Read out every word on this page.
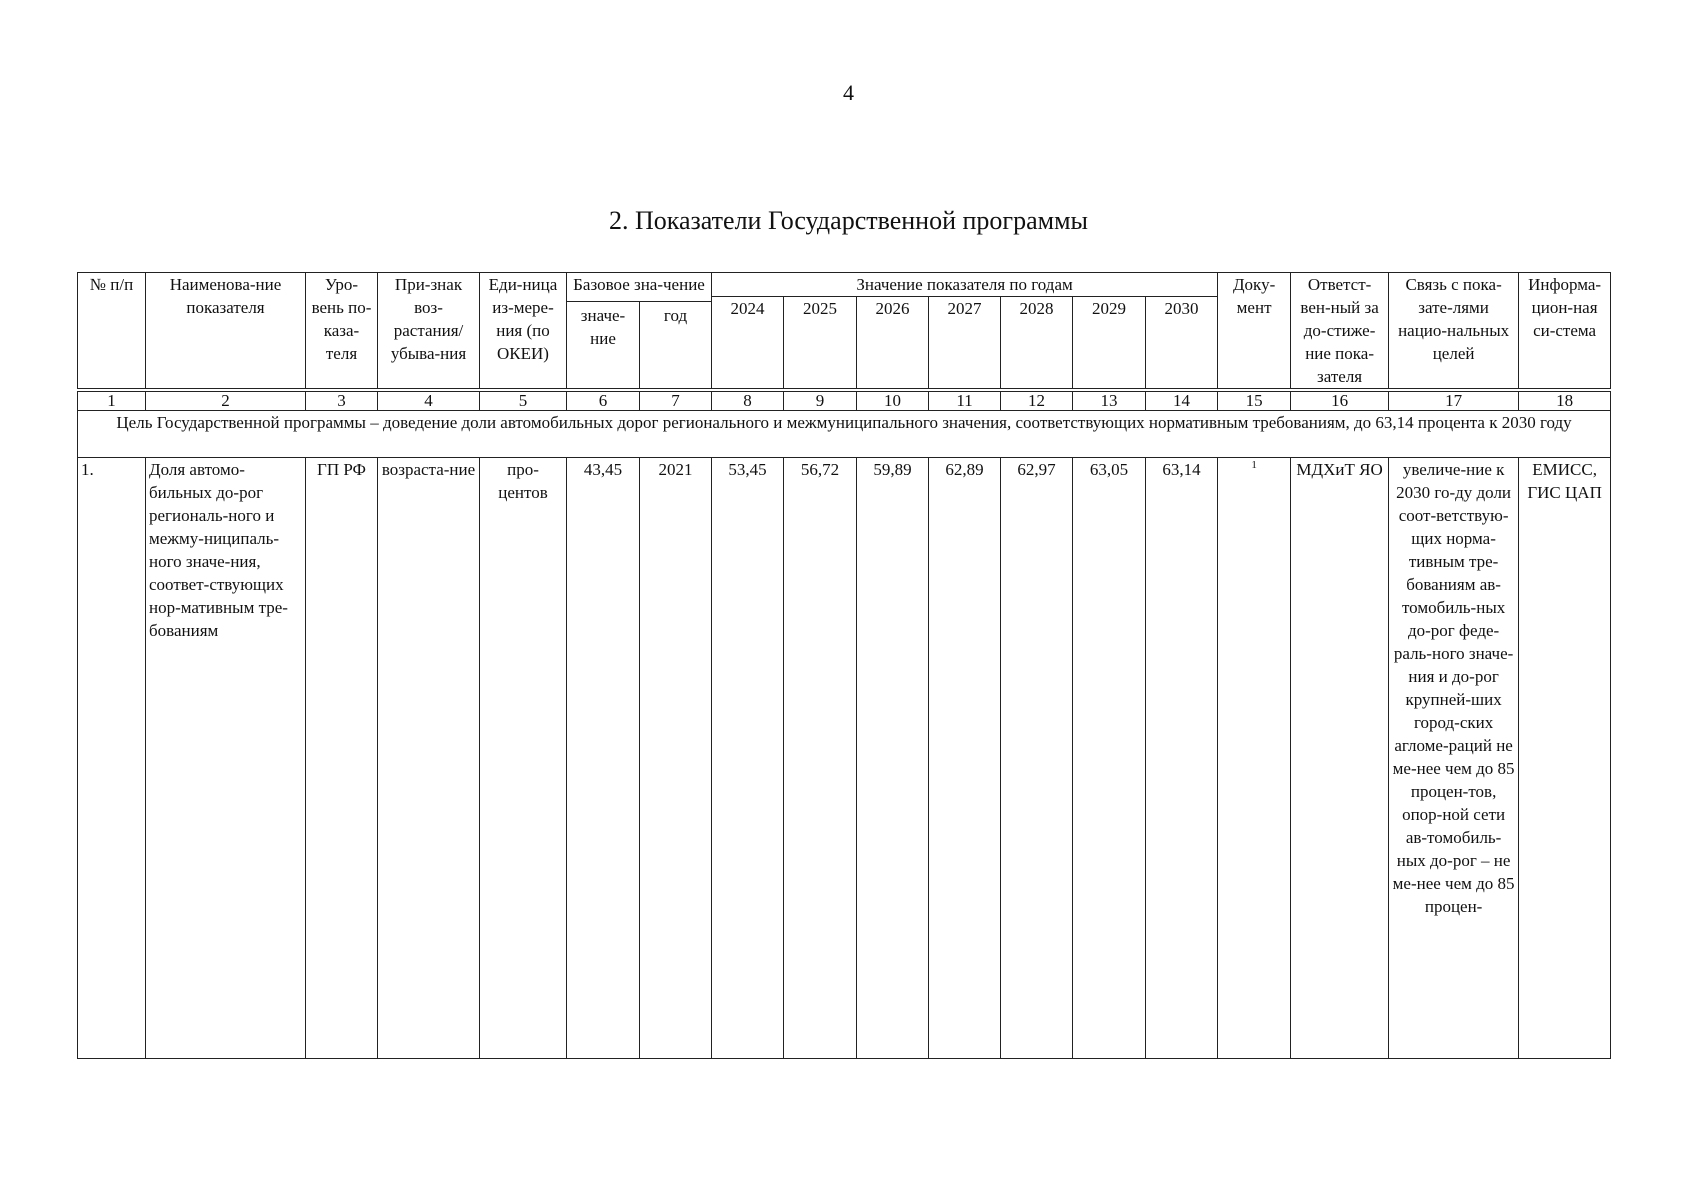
4
2. Показатели Государственной программы
№ п/п	Наименова-ние показателя	Уро-вень по-каза-теля	При-знак воз-растания/ убыва-ния	Еди-ница из-мере-ния (по ОКЕИ)	Базовое зна-чение		Значение показателя по годам							Доку-мент	Ответст-вен-ный за до-стиже-ние пока-зателя	Связь с пока-зате-лями нацио-нальных целей	Информа-цион-ная си-стема
							2024	2025	2026	2027	2028	2029	2030				
					значе-ние	год											
1	2	3	4	5	6	7	8	9	10	11	12	13	14	15	16	17	18
Цель Государственной программы – доведение доли автомобильных дорог регионального и межмуниципального значения, соответствующих нормативным требованиям, до 63,14 процента к 2030 году																	
1.	Доля автомо-бильных до-рог региональ-ного и межму-ниципаль-ного значе-ния, соответ-ствующих нор-мативным тре-бованиям	ГП РФ	возраста-ние	про-центов	43,45	2021	53,45	56,72	59,89	62,89	62,97	63,05	63,14	$^1$	МДХиТ ЯО	увеличе-ние к 2030 го-ду доли соот-ветствую-щих норма-тивным тре-бованиям ав-томобиль-ных до-рог феде-раль-ного значе-ния и до-рог крупней-ших город-ских агломе-раций не ме-нее чем до 85 процен-тов, опор-ной сети ав-томобиль-ных до-рог – не ме-нее чем до 85 процен-	ЕМИСС, ГИС ЦАП
